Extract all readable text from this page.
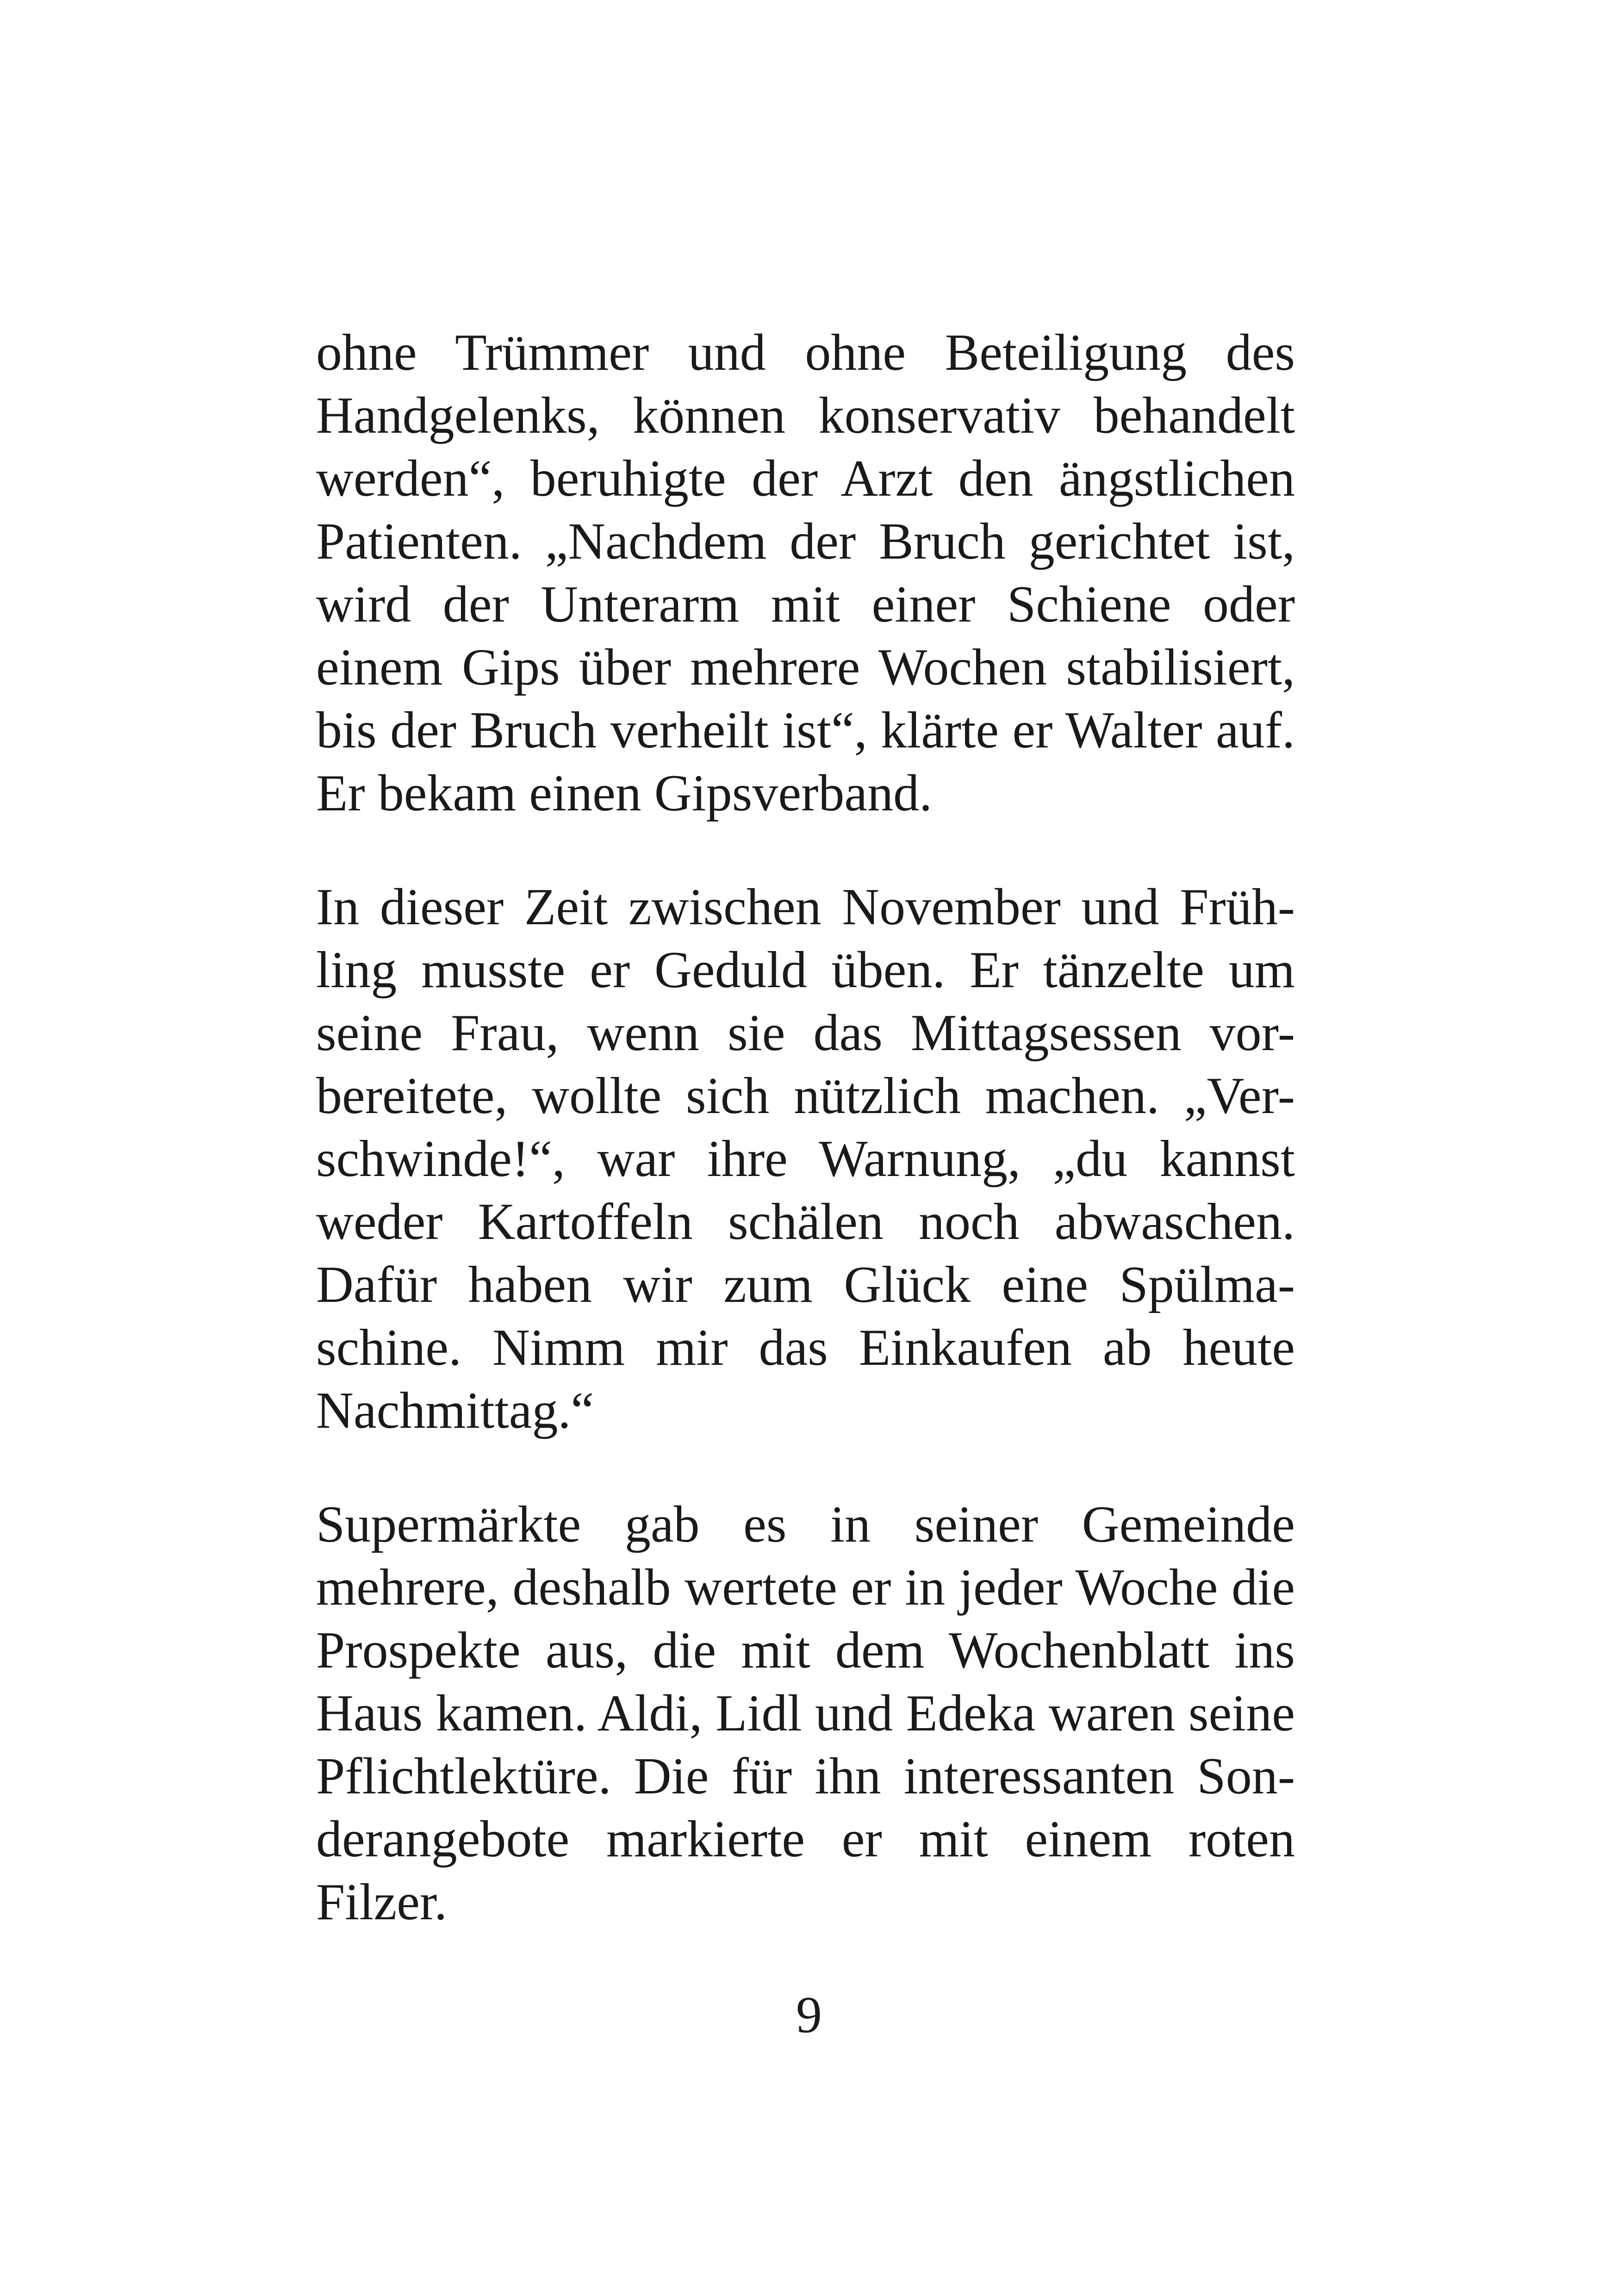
ohne Trümmer und ohne Beteiligung des
Handgelenks, können konservativ behandelt
werden“, beruhigte der Arzt den ängstlichen
Patienten. „Nachdem der Bruch gerichtet ist,
wird der Unterarm mit einer Schiene oder
einem Gips über mehrere Wochen stabilisiert,
bis der Bruch verheilt ist“, klärte er Walter auf.
Er bekam einen Gipsverband.
In dieser Zeit zwischen November und Früh-
ling musste er Geduld üben. Er tänzelte um
seine Frau, wenn sie das Mittagsessen vor-
bereitete, wollte sich nützlich machen. „Ver-
schwinde!“, war ihre Warnung, „du kannst
weder Kartoffeln schälen noch abwaschen.
Dafür haben wir zum Glück eine Spülma-
schine. Nimm mir das Einkaufen ab heute
Nachmittag.“
Supermärkte gab es in seiner Gemeinde
mehrere, deshalb wertete er in jeder Woche die
Prospekte aus, die mit dem Wochenblatt ins
Haus kamen. Aldi, Lidl und Edeka waren seine
Pflichtlektüre. Die für ihn interessanten Son-
derangebote markierte er mit einem roten
Filzer.
9
